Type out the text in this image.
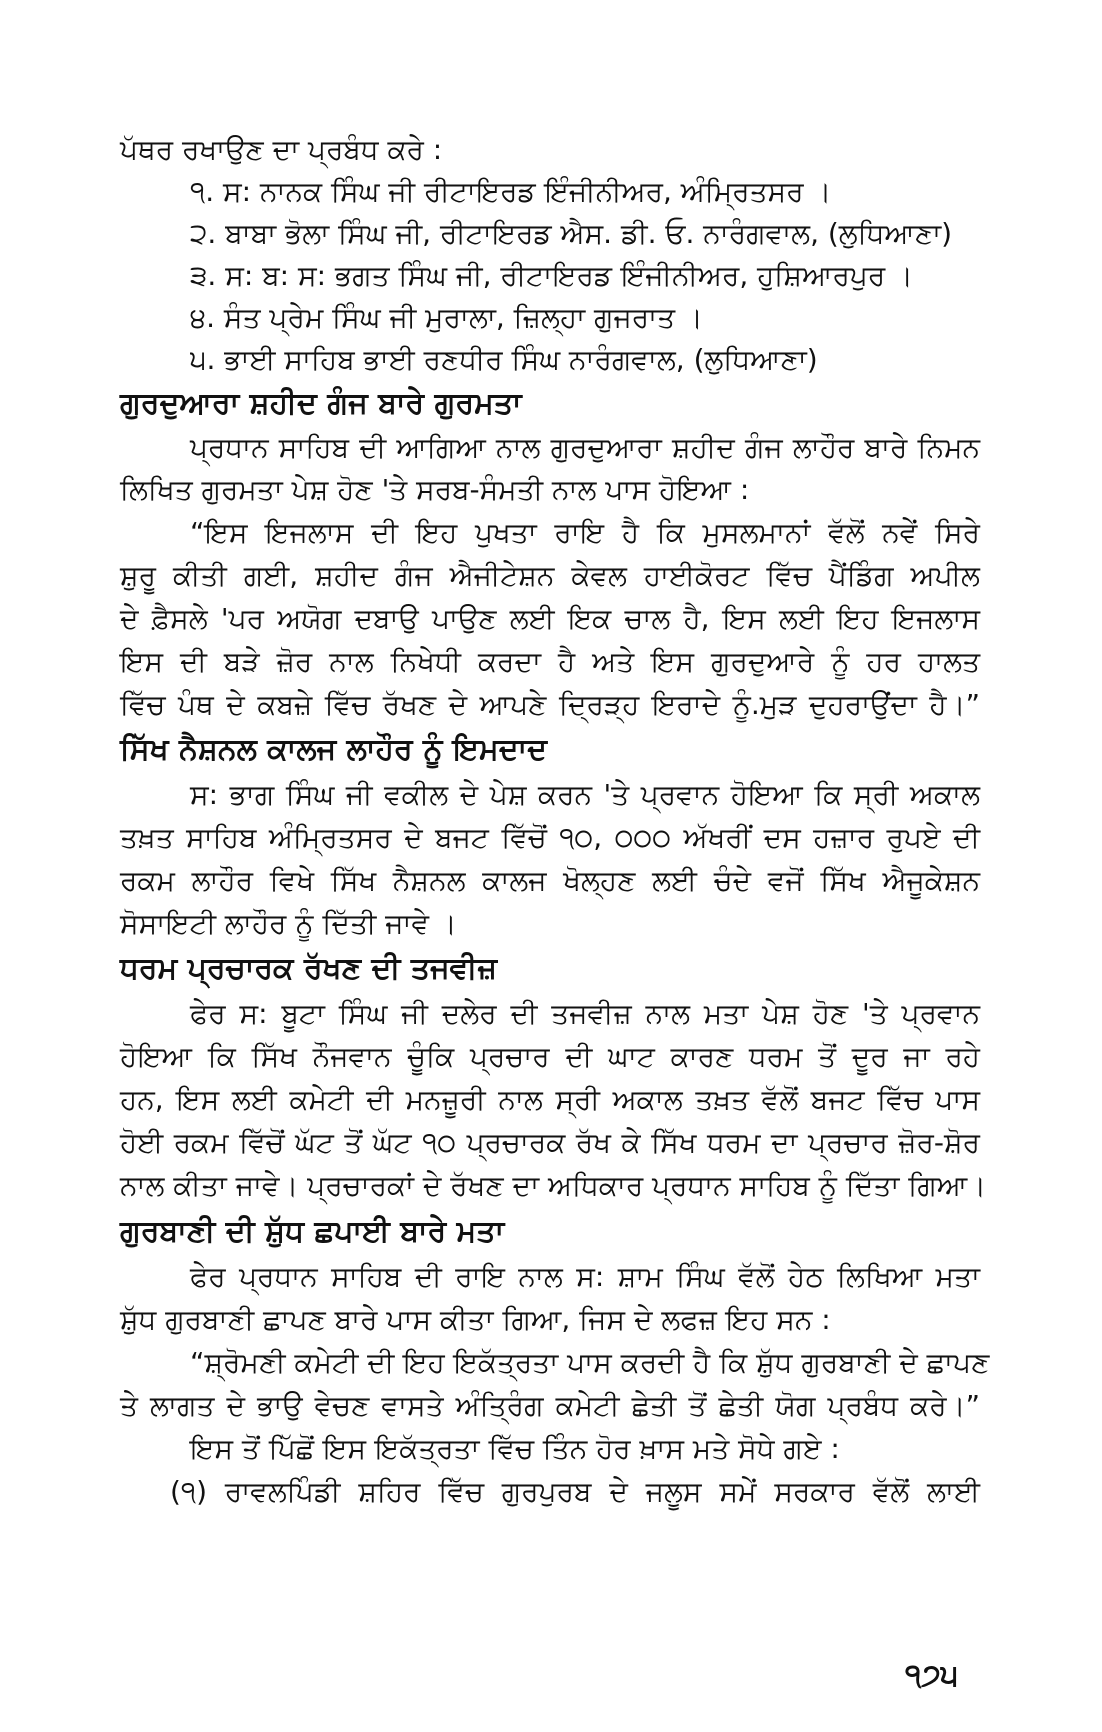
ਪੱਥਰ ਰਖਾਉਣ ਦਾ ਪ੍ਰਬੰਧ ਕਰੇ :
੧. ਸ: ਨਾਨਕ ਸਿੰਘ ਜੀ ਰੀਟਾਇਰਡ ਇੰਜੀਨੀਅਰ, ਅੰਮ੍ਰਿਤਸਰ ।
੨. ਬਾਬਾ ਭੋਲਾ ਸਿੰਘ ਜੀ, ਰੀਟਾਇਰਡ ਐਸ. ਡੀ. ਓ. ਨਾਰੰਗਵਾਲ, (ਲੁਧਿਆਣਾ)
੩. ਸ: ਬ: ਸ: ਭਗਤ ਸਿੰਘ ਜੀ, ਰੀਟਾਇਰਡ ਇੰਜੀਨੀਅਰ, ਹੁਸ਼ਿਆਰਪੁਰ ।
੪. ਸੰਤ ਪ੍ਰੇਮ ਸਿੰਘ ਜੀ ਮੁਰਾਲਾ, ਜ਼ਿਲ੍ਹਾ ਗੁਜਰਾਤ ।
੫. ਭਾਈ ਸਾਹਿਬ ਭਾਈ ਰਣਧੀਰ ਸਿੰਘ ਨਾਰੰਗਵਾਲ, (ਲੁਧਿਆਣਾ)
ਗੁਰਦੁਆਰਾ ਸ਼ਹੀਦ ਗੰਜ ਬਾਰੇ ਗੁਰਮਤਾ
ਪ੍ਰਧਾਨ ਸਾਹਿਬ ਦੀ ਆਗਿਆ ਨਾਲ ਗੁਰਦੁਆਰਾ ਸ਼ਹੀਦ ਗੰਜ ਲਾਹੌਰ ਬਾਰੇ ਨਿਮਨ
ਲਿਖਿਤ ਗੁਰਮਤਾ ਪੇਸ਼ ਹੋਣ 'ਤੇ ਸਰਬ-ਸੰਮਤੀ ਨਾਲ ਪਾਸ ਹੋਇਆ :
“ਇਸ ਇਜਲਾਸ ਦੀ ਇਹ ਪੁਖਤਾ ਰਾਇ ਹੈ ਕਿ ਮੁਸਲਮਾਨਾਂ ਵੱਲੋਂ ਨਵੇਂ ਸਿਰੇ
ਸ਼ੁਰੂ ਕੀਤੀ ਗਈ, ਸ਼ਹੀਦ ਗੰਜ ਐਜੀਟੇਸ਼ਨ ਕੇਵਲ ਹਾਈਕੋਰਟ ਵਿੱਚ ਪੈਂਡਿੰਗ ਅਪੀਲ
ਦੇ ਫ਼ੈਸਲੇ 'ਪਰ ਅਯੋਗ ਦਬਾਉ ਪਾਉਣ ਲਈ ਇਕ ਚਾਲ ਹੈ, ਇਸ ਲਈ ਇਹ ਇਜਲਾਸ
ਇਸ ਦੀ ਬੜੇ ਜ਼ੋਰ ਨਾਲ ਨਿਖੇਧੀ ਕਰਦਾ ਹੈ ਅਤੇ ਇਸ ਗੁਰਦੁਆਰੇ ਨੂੰ ਹਰ ਹਾਲਤ
ਵਿੱਚ ਪੰਥ ਦੇ ਕਬਜ਼ੇ ਵਿੱਚ ਰੱਖਣ ਦੇ ਆਪਣੇ ਦ੍ਰਿੜ੍ਹ ਇਰਾਦੇ ਨੂੰ.ਮੁੜ ਦੁਹਰਾਉਂਦਾ ਹੈ।”
ਸਿੱਖ ਨੈਸ਼ਨਲ ਕਾਲਜ ਲਾਹੌਰ ਨੂੰ ਇਮਦਾਦ
ਸ: ਭਾਗ ਸਿੰਘ ਜੀ ਵਕੀਲ ਦੇ ਪੇਸ਼ ਕਰਨ 'ਤੇ ਪ੍ਰਵਾਨ ਹੋਇਆ ਕਿ ਸ੍ਰੀ ਅਕਾਲ
ਤਖ਼ਤ ਸਾਹਿਬ ਅੰਮ੍ਰਿਤਸਰ ਦੇ ਬਜਟ ਵਿੱਚੋਂ ੧੦, ੦੦੦ ਅੱਖਰੀਂ ਦਸ ਹਜ਼ਾਰ ਰੁਪਏ ਦੀ
ਰਕਮ ਲਾਹੌਰ ਵਿਖੇ ਸਿੱਖ ਨੈਸ਼ਨਲ ਕਾਲਜ ਖੋਲ੍ਹਣ ਲਈ ਚੰਦੇ ਵਜੋਂ ਸਿੱਖ ਐਜੂਕੇਸ਼ਨ
ਸੋਸਾਇਟੀ ਲਾਹੌਰ ਨੂੰ ਦਿੱਤੀ ਜਾਵੇ ।
ਧਰਮ ਪ੍ਰਚਾਰਕ ਰੱਖਣ ਦੀ ਤਜਵੀਜ਼
ਫੇਰ ਸ: ਬੂਟਾ ਸਿੰਘ ਜੀ ਦਲੇਰ ਦੀ ਤਜਵੀਜ਼ ਨਾਲ ਮਤਾ ਪੇਸ਼ ਹੋਣ 'ਤੇ ਪ੍ਰਵਾਨ
ਹੋਇਆ ਕਿ ਸਿੱਖ ਨੌਜਵਾਨ ਚੂੰਕਿ ਪ੍ਰਚਾਰ ਦੀ ਘਾਟ ਕਾਰਣ ਧਰਮ ਤੋਂ ਦੂਰ ਜਾ ਰਹੇ
ਹਨ, ਇਸ ਲਈ ਕਮੇਟੀ ਦੀ ਮਨਜ਼ੂਰੀ ਨਾਲ ਸ੍ਰੀ ਅਕਾਲ ਤਖ਼ਤ ਵੱਲੋਂ ਬਜਟ ਵਿੱਚ ਪਾਸ
ਹੋਈ ਰਕਮ ਵਿੱਚੋਂ ਘੱਟ ਤੋਂ ਘੱਟ ੧੦ ਪ੍ਰਚਾਰਕ ਰੱਖ ਕੇ ਸਿੱਖ ਧਰਮ ਦਾ ਪ੍ਰਚਾਰ ਜ਼ੋਰ-ਸ਼ੋਰ
ਨਾਲ ਕੀਤਾ ਜਾਵੇ। ਪ੍ਰਚਾਰਕਾਂ ਦੇ ਰੱਖਣ ਦਾ ਅਧਿਕਾਰ ਪ੍ਰਧਾਨ ਸਾਹਿਬ ਨੂੰ ਦਿੱਤਾ ਗਿਆ।
ਗੁਰਬਾਣੀ ਦੀ ਸ਼ੁੱਧ ਛਪਾਈ ਬਾਰੇ ਮਤਾ
ਫੇਰ ਪ੍ਰਧਾਨ ਸਾਹਿਬ ਦੀ ਰਾਇ ਨਾਲ ਸ: ਸ਼ਾਮ ਸਿੰਘ ਵੱਲੋਂ ਹੇਠ ਲਿਖਿਆ ਮਤਾ
ਸ਼ੁੱਧ ਗੁਰਬਾਣੀ ਛਾਪਣ ਬਾਰੇ ਪਾਸ ਕੀਤਾ ਗਿਆ, ਜਿਸ ਦੇ ਲਫਜ਼ ਇਹ ਸਨ :
“ਸ਼੍ਰੋਮਣੀ ਕਮੇਟੀ ਦੀ ਇਹ ਇਕੱਤ੍ਰਤਾ ਪਾਸ ਕਰਦੀ ਹੈ ਕਿ ਸ਼ੁੱਧ ਗੁਰਬਾਣੀ ਦੇ ਛਾਪਣ
ਤੇ ਲਾਗਤ ਦੇ ਭਾਉ ਵੇਚਣ ਵਾਸਤੇ ਅੰਤ੍ਰਿੰਗ ਕਮੇਟੀ ਛੇਤੀ ਤੋਂ ਛੇਤੀ ਯੋਗ ਪ੍ਰਬੰਧ ਕਰੇ।”
ਇਸ ਤੋਂ ਪਿੱਛੋਂ ਇਸ ਇਕੱਤ੍ਰਤਾ ਵਿੱਚ ਤਿੰਨ ਹੋਰ ਖ਼ਾਸ ਮਤੇ ਸੋਧੇ ਗਏ :
(੧) ਰਾਵਲਪਿੰਡੀ ਸ਼ਹਿਰ ਵਿੱਚ ਗੁਰਪੁਰਬ ਦੇ ਜਲੂਸ ਸਮੇਂ ਸਰਕਾਰ ਵੱਲੋਂ ਲਾਈ
੧੭੫
